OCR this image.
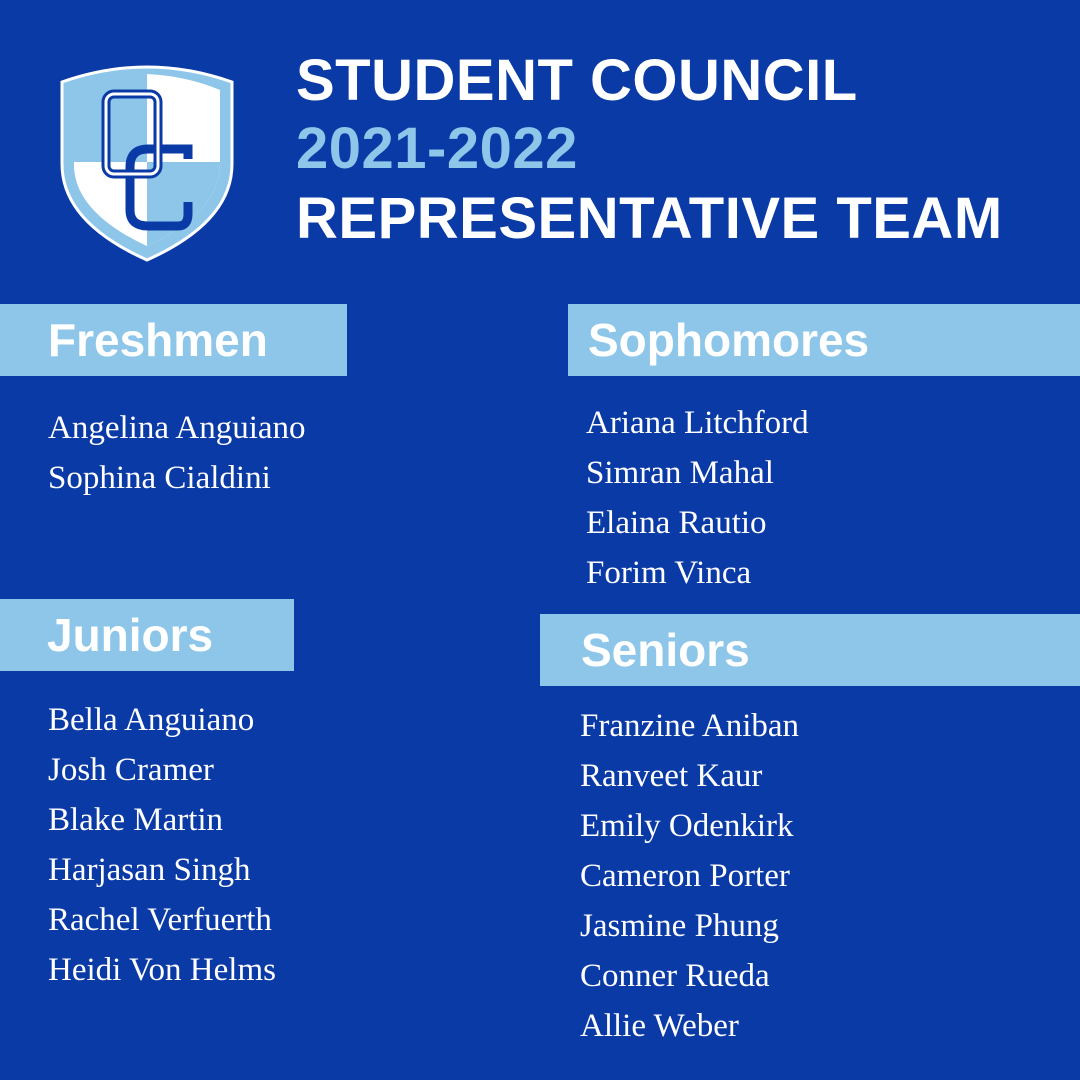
OC	STUDENT COUNCIL
2021-2022
REPRESENTATIVE TEAM
Freshmen
Angelina Anguiano
Sophina Cialdini
Sophomores
Ariana Litchford
Simran Mahal
Elaina Rautio
Forim Vinca
Juniors
Bella Anguiano
Josh Cramer
Blake Martin
Harjasan Singh
Rachel Verfuerth
Heidi Von Helms
Seniors
Franzine Aniban
Ranveet Kaur
Emily Odenkirk
Cameron Porter
Jasmine Phung
Conner Rueda
Allie Weber
